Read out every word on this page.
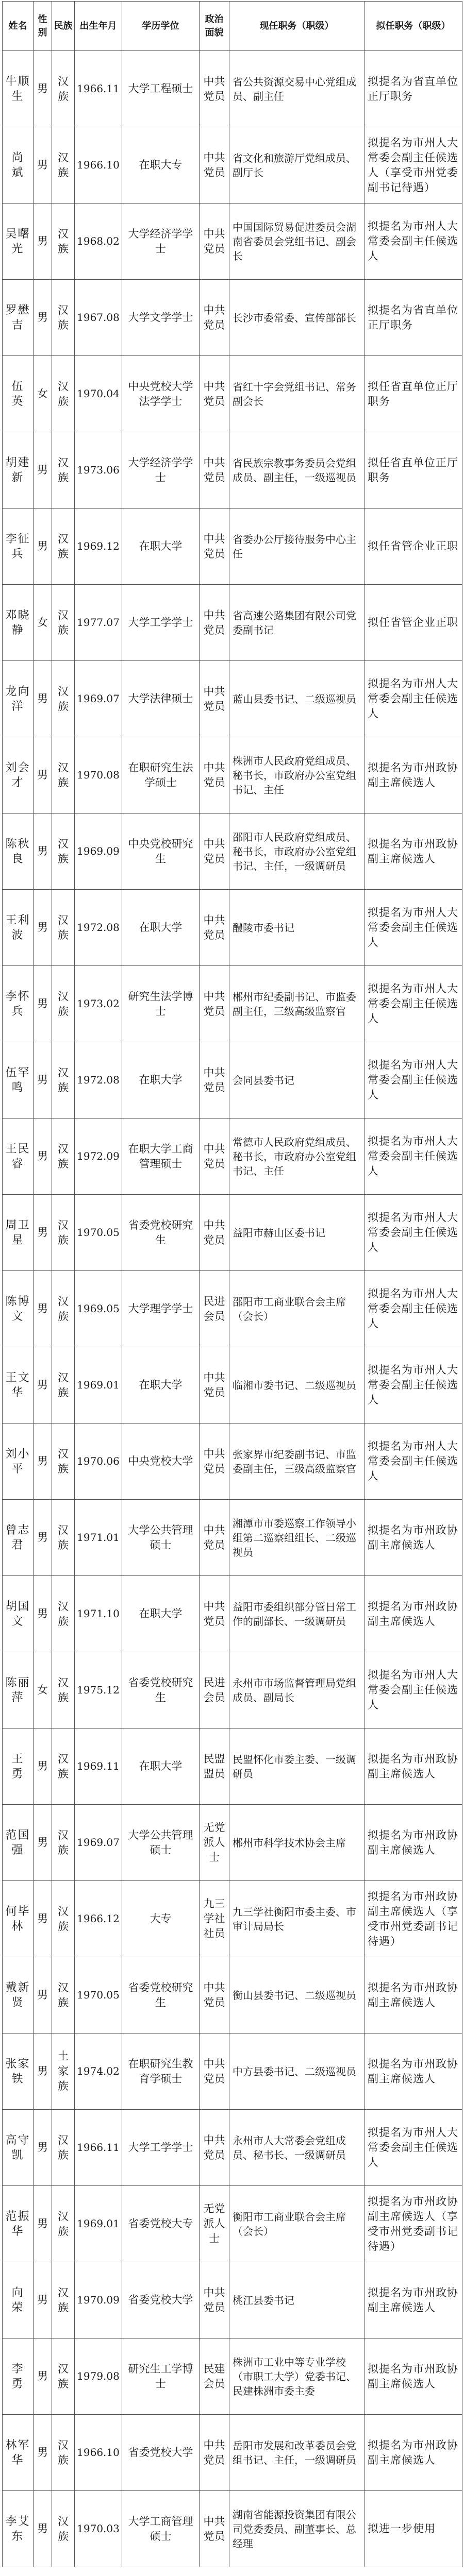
姓名	性别	民族	出生年月	学历学位	政治面貌	现任职务（职级）	拟任职务（职级）
牛顺生	男	汉族	1966.11	大学工程硕士	中共党员	省公共资源交易中心党组成员、副主任	拟提名为省直单位正厅职务
尚　斌	男	汉族	1966.10	在职大专	中共党员	省文化和旅游厅党组成员、副厅长	拟提名为市州人大常委会副主任候选人（享受市州党委副书记待遇）
吴曙光	男	汉族	1968.02	大学经济学学士	中共党员	中国国际贸易促进委员会湖南省委员会党组书记、副会长	拟提名为市州人大常委会副主任候选人
罗懋吉	男	汉族	1967.08	大学文学学士	中共党员	长沙市委常委、宣传部部长	拟提名为省直单位正厅职务
伍　英	女	汉族	1970.04	中央党校大学法学学士	中共党员	省红十字会党组书记、常务副会长	拟任省直单位正厅职务
胡建新	男	汉族	1973.06	大学经济学学士	中共党员	省民族宗教事务委员会党组成员、副主任，一级巡视员	拟任省直单位正厅职务
李征兵	男	汉族	1969.12	在职大学	中共党员	省委办公厅接待服务中心主任	拟任省管企业正职
邓晓静	女	汉族	1977.07	大学工学学士	中共党员	省高速公路集团有限公司党委副书记	拟任省管企业正职
龙向洋	男	汉族	1969.07	大学法律硕士	中共党员	蓝山县委书记、二级巡视员	拟提名为市州人大常委会副主任候选人
刘会才	男	汉族	1970.08	在职研究生法学硕士	中共党员	株洲市人民政府党组成员、秘书长，市政府办公室党组书记、主任	拟提名为市州政协副主席候选人
陈秋良	男	汉族	1969.09	中央党校研究生	中共党员	邵阳市人民政府党组成员、秘书长，市政府办公室党组书记、主任，一级调研员	拟提名为市州政协副主席候选人
王利波	男	汉族	1972.08	在职大学	中共党员	醴陵市委书记	拟提名为市州人大常委会副主任候选人
李怀兵	男	汉族	1973.02	研究生法学博士	中共党员	郴州市纪委副书记、市监委副主任，三级高级监察官	拟提名为市州人大常委会副主任候选人
伍罕鸣	男	汉族	1972.08	在职大学	中共党员	会同县委书记	拟提名为市州人大常委会副主任候选人
王民睿	男	汉族	1972.09	在职大学工商管理硕士	中共党员	常德市人民政府党组成员、秘书长，市政府办公室党组书记、主任	拟提名为市州人大常委会副主任候选人
周卫星	男	汉族	1970.05	省委党校研究生	中共党员	益阳市赫山区委书记	拟提名为市州人大常委会副主任候选人
陈博文	男	汉族	1969.05	大学理学学士	民进会员	邵阳市工商业联合会主席（会长）	拟提名为市州人大常委会副主任候选人
王文华	男	汉族	1969.01	在职大学	中共党员	临湘市委书记、二级巡视员	拟提名为市州人大常委会副主任候选人
刘小平	男	汉族	1970.06	中央党校大学	中共党员	张家界市纪委副书记、市监委副主任，三级高级监察官	拟提名为市州人大常委会副主任候选人
曾志君	男	汉族	1971.01	大学公共管理硕士	中共党员	湘潭市市委巡察工作领导小组第二巡察组组长、二级巡视员	拟提名为市州政协副主席候选人
胡国文	男	汉族	1971.10	在职大学	中共党员	益阳市委组织部分管日常工作的副部长、一级调研员	拟提名为市州政协副主席候选人
陈丽萍	女	汉族	1975.12	省委党校研究生	民进会员	永州市市场监督管理局党组成员、副局长	拟提名为市州人大常委会副主任候选人
王　勇	男	汉族	1969.11	在职大学	民盟盟员	民盟怀化市委主委、一级调研员	拟提名为市州政协副主席候选人
范国强	男	汉族	1969.07	大学公共管理硕士	无党派人士	郴州市科学技术协会主席	拟提名为市州政协副主席候选人
何毕林	男	汉族	1966.12	大专	九三学社社员	九三学社衡阳市委主委、市审计局局长	拟提名为市州政协副主席候选人（享受市州党委副书记待遇）
戴新贤	男	汉族	1970.05	省委党校研究生	中共党员	衡山县委书记、二级巡视员	拟提名为市州政协副主席候选人
张家铁	男	土家族	1974.02	在职研究生教育学硕士	中共党员	中方县委书记、二级巡视员	拟提名为市州政协副主席候选人
高守凯	男	汉族	1966.11	大学工学学士	中共党员	永州市人大常委会党组成员、秘书长、一级调研员	拟提名为市州人大常委会副主任候选人
范振华	男	汉族	1969.01	省委党校大专	无党派人士	衡阳市工商业联合会主席（会长）	拟提名为市州政协副主席候选人（享受市州党委副书记待遇）
向　荣	男	汉族	1970.09	省委党校大学	中共党员	桃江县委书记	拟提名为市州政协副主席候选人
李　勇	男	汉族	1979.08	研究生工学博士	民建会员	株洲市工业中等专业学校（市职工大学）党委书记、民建株洲市委主委	拟提名为市州政协副主席候选人
林军华	男	汉族	1966.10	省委党校大学	中共党员	岳阳市发展和改革委员会党组书记、主任，一级调研员	拟提名为市州政协副主席候选人
李艾东	男	汉族	1970.03	大学工商管理硕士	中共党员	湖南省能源投资集团有限公司党委委员、副董事长、总经理	拟进一步使用
